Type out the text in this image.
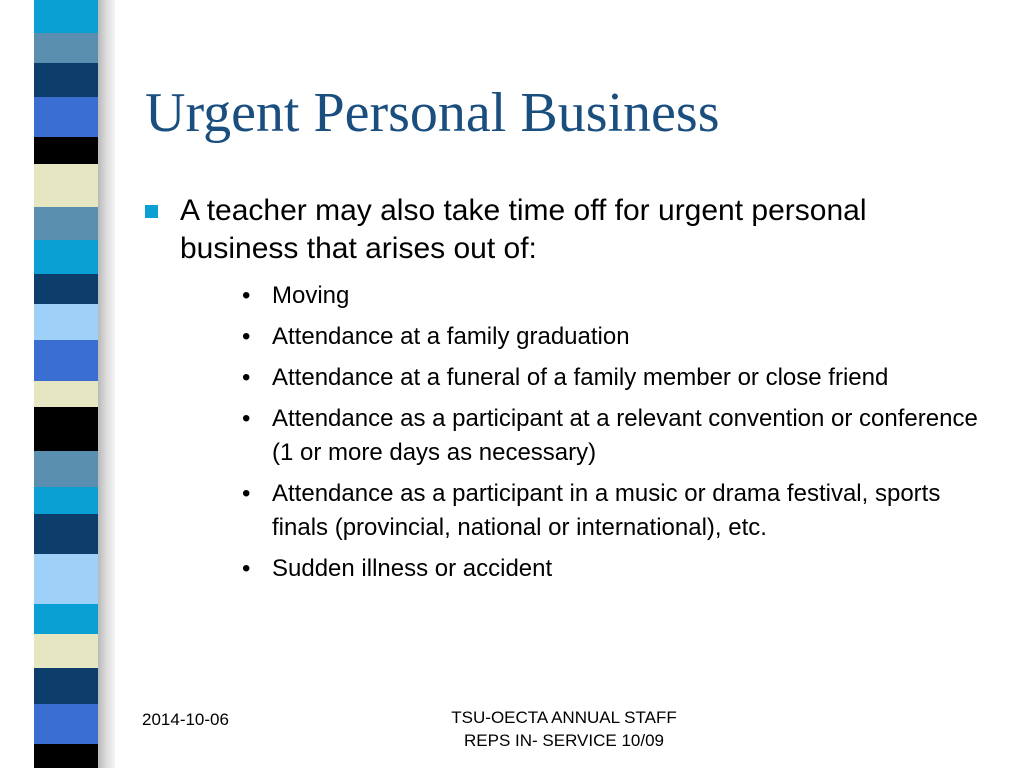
Urgent Personal Business
A teacher may also take time off for urgent personal business that arises out of:
• Moving
• Attendance at a family graduation
• Attendance at a funeral of a family member or close friend
• Attendance as a participant at a relevant convention or conference (1 or more days as necessary)
• Attendance as a participant in a music or drama festival, sports finals (provincial, national or international), etc.
• Sudden illness or accident
2014-10-06	TSU-OECTA ANNUAL STAFF
REPS IN- SERVICE 10/09
